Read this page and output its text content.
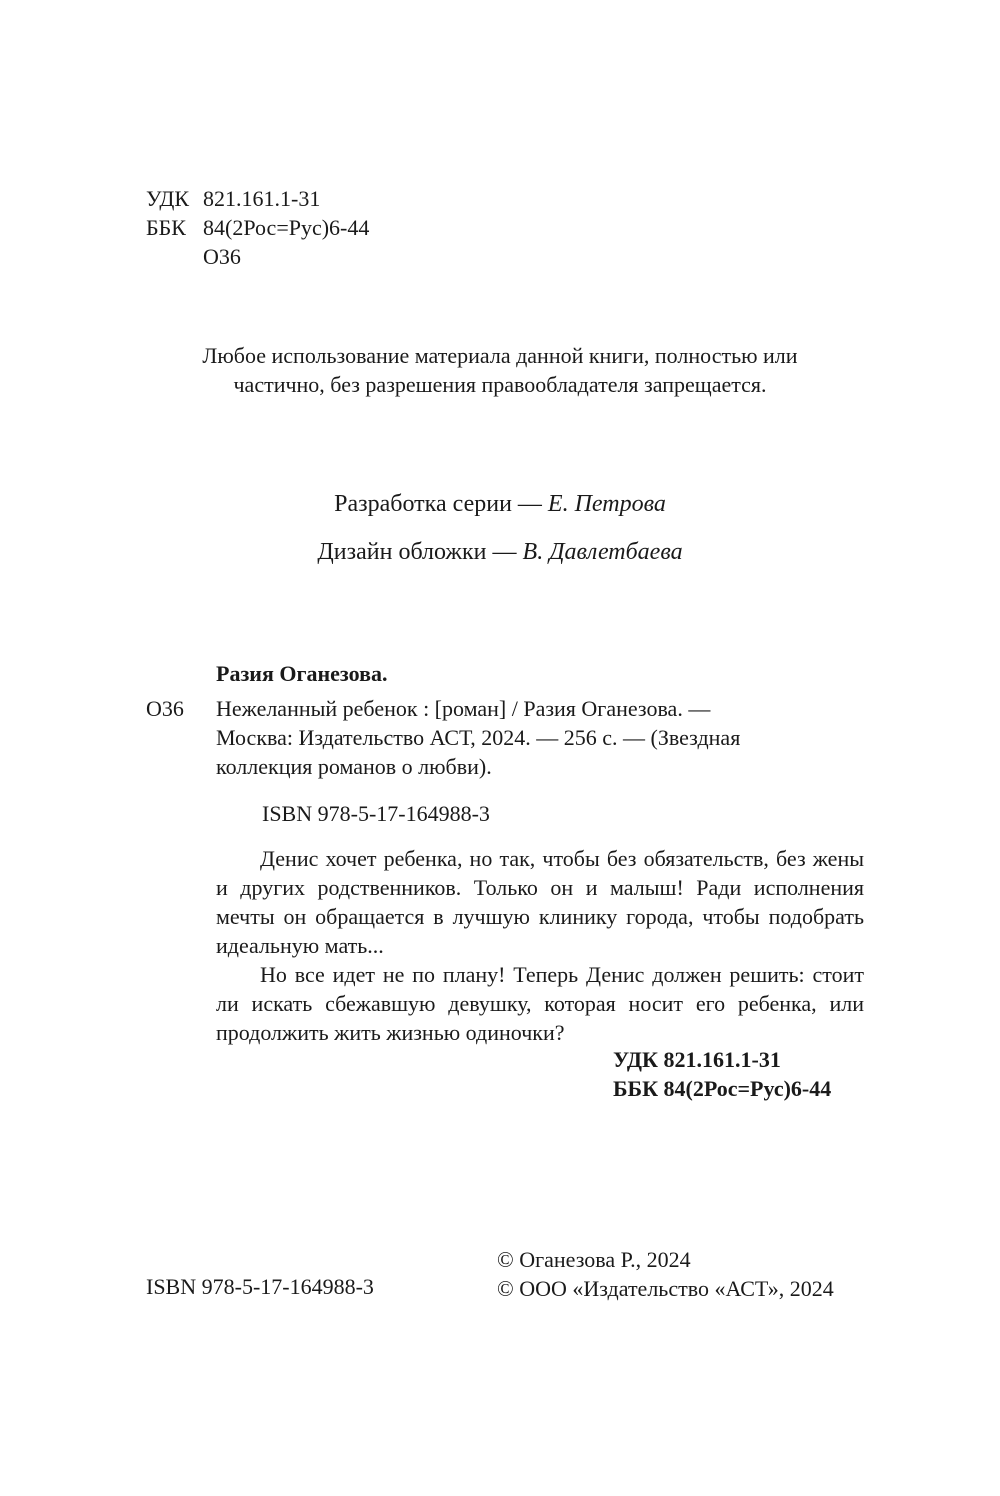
УДК 821.161.1-31
ББК 84(2Рос=Рус)6-44
О36
Любое использование материала данной книги, полностью или
частично, без разрешения правообладателя запрещается.
Разработка серии — Е. Петрова
Дизайн обложки — В. Давлетбаева
Разия Оганезова.
О36 Нежеланный ребенок : [роман] / Разия Оганезова. —
Москва: Издательство АСТ, 2024. — 256 с. — (Звездная
коллекция романов о любви).
ISBN 978-5-17-164988-3

Денис хочет ребенка, но так, чтобы без обязательств, без жены и других родственников. Только он и малыш! Ради исполнения мечты он обращается в лучшую клинику города, чтобы подобрать идеальную мать...

Но все идет не по плану! Теперь Денис должен решить: стоит ли искать сбежавшую девушку, которая носит его ребенка, или продолжить жить жизнью одиночки?

УДК 821.161.1-31
ББК 84(2Рос=Рус)6-44
ISBN 978-5-17-164988-3
© Оганезова Р., 2024
© ООО «Издательство «АСТ», 2024
